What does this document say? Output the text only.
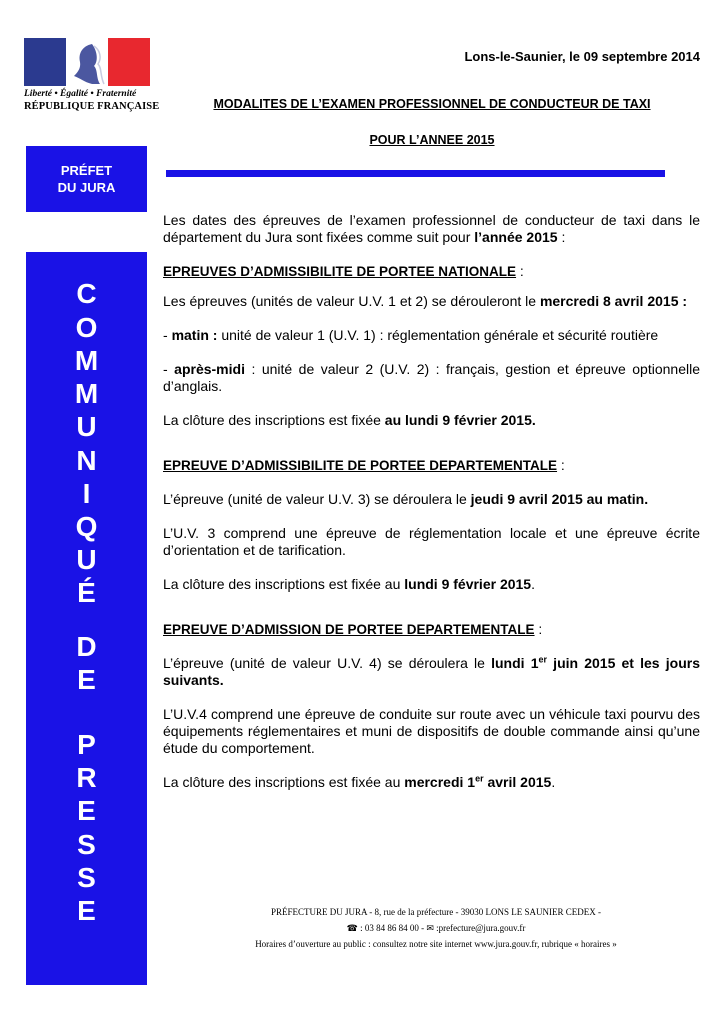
Liberté • Égalité • Fraternité
RÉPUBLIQUE FRANÇAISE
PRÉFET
DU JURA
C
O
M
M
U
N
I
Q
U
É
D
E
P
R
E
S
S
E
Lons-le-Saunier, le 09 septembre 2014
MODALITES DE L’EXAMEN PROFESSIONNEL DE CONDUCTEUR DE TAXI
POUR L’ANNEE 2015

Les dates des épreuves de l’examen professionnel de conducteur de taxi dans le département du Jura sont fixées comme suit pour l’année 2015 :

EPREUVES D’ADMISSIBILITE DE PORTEE NATIONALE :

Les épreuves (unités de valeur U.V. 1 et 2) se dérouleront le mercredi 8 avril 2015 :

- matin : unité de valeur 1 (U.V. 1) : réglementation générale et sécurité routière

- après-midi : unité de valeur 2 (U.V. 2) : français, gestion et épreuve optionnelle d’anglais.

La clôture des inscriptions est fixée au lundi 9 février 2015.

EPREUVE D’ADMISSIBILITE DE PORTEE DEPARTEMENTALE :

L’épreuve (unité de valeur U.V. 3) se déroulera le jeudi 9 avril 2015 au matin.

L’U.V. 3 comprend une épreuve de réglementation locale et une épreuve écrite d’orientation et de tarification.

La clôture des inscriptions est fixée au lundi 9 février 2015.

EPREUVE D’ADMISSION DE PORTEE DEPARTEMENTALE :

L’épreuve (unité de valeur U.V. 4) se déroulera le lundi 1er juin 2015 et les jours suivants.

L’U.V.4 comprend une épreuve de conduite sur route avec un véhicule taxi pourvu des équipements réglementaires et muni de dispositifs de double commande ainsi qu’une étude du comportement.

La clôture des inscriptions est fixée au mercredi 1er avril 2015.

PRÉFECTURE DU JURA - 8, rue de la préfecture - 39030 LONS LE SAUNIER CEDEX -
☎ : 03 84 86 84 00 - ✉ :prefecture@jura.gouv.fr
Horaires d’ouverture au public : consultez notre site internet www.jura.gouv.fr, rubrique « horaires »
